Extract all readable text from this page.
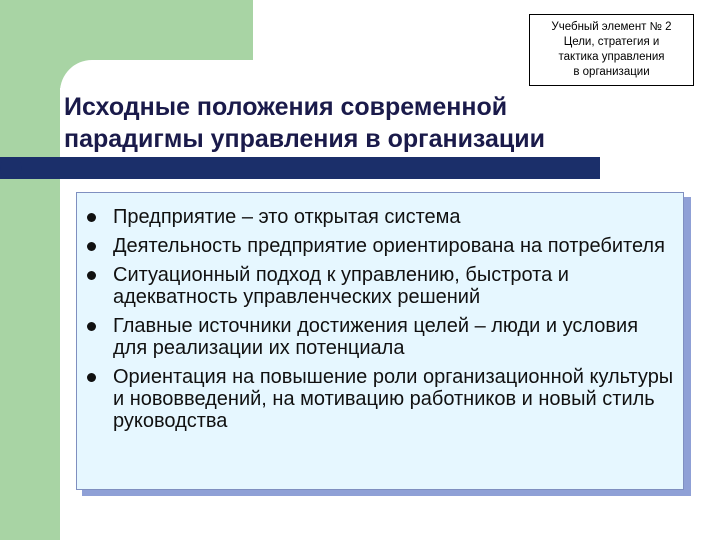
Учебный элемент № 2
Цели, стратегия и
тактика управления
в организации
Исходные положения современной
парадигмы управления в организации
Предприятие – это открытая система
Деятельность предприятие ориентирована на потребителя
Ситуационный подход к управлению, быстрота и адекватность управленческих решений
Главные источники достижения целей – люди и условия для реализации их потенциала
Ориентация на повышение роли организационной культуры и нововведений, на мотивацию работников и новый стиль руководства
